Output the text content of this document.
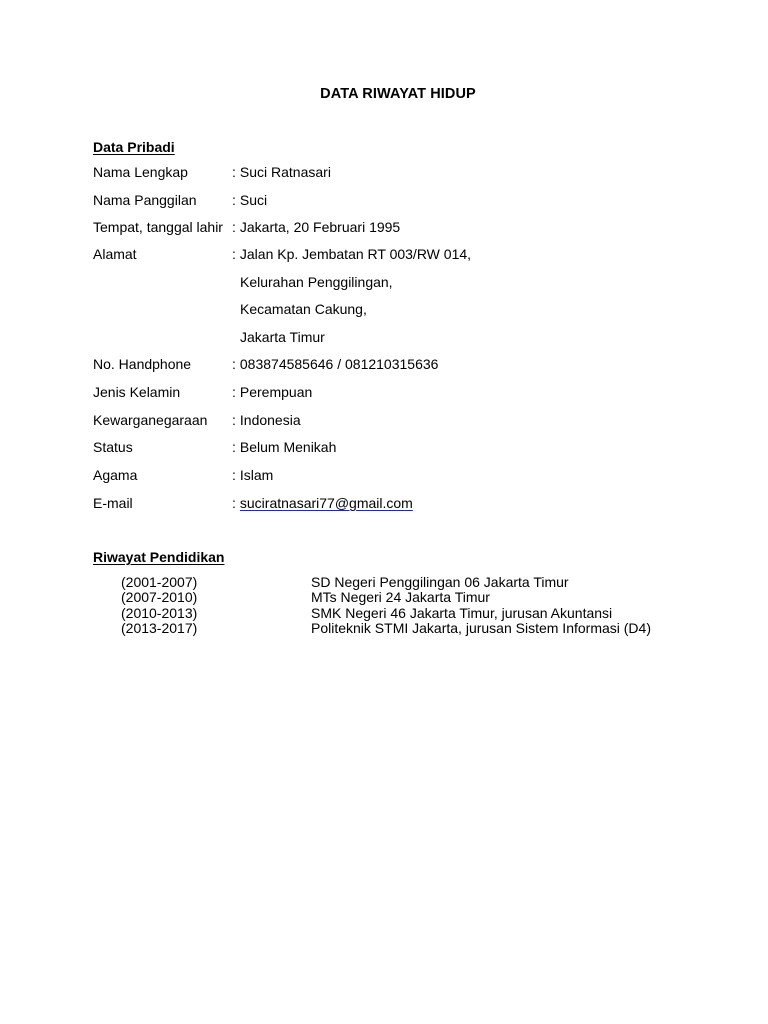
DATA RIWAYAT HIDUP
Data Pribadi
Nama Lengkap	: Suci Ratnasari
Nama Panggilan	: Suci
Tempat, tanggal lahir : Jakarta, 20 Februari 1995
Alamat	: Jalan Kp. Jembatan RT 003/RW 014,
Kelurahan Penggilingan,
Kecamatan Cakung,
Jakarta Timur
No. Handphone	: 083874585646 / 081210315636
Jenis Kelamin	: Perempuan
Kewarganegaraan : Indonesia
Status	: Belum Menikah
Agama	: Islam
E-mail	: suciratnasari77@gmail.com
Riwayat Pendidikan
(2001-2007)	SD Negeri Penggilingan 06 Jakarta Timur
(2007-2010)	MTs Negeri 24 Jakarta Timur
(2010-2013)	SMK Negeri 46 Jakarta Timur, jurusan Akuntansi
(2013-2017)	Politeknik STMI Jakarta, jurusan Sistem Informasi (D4)
